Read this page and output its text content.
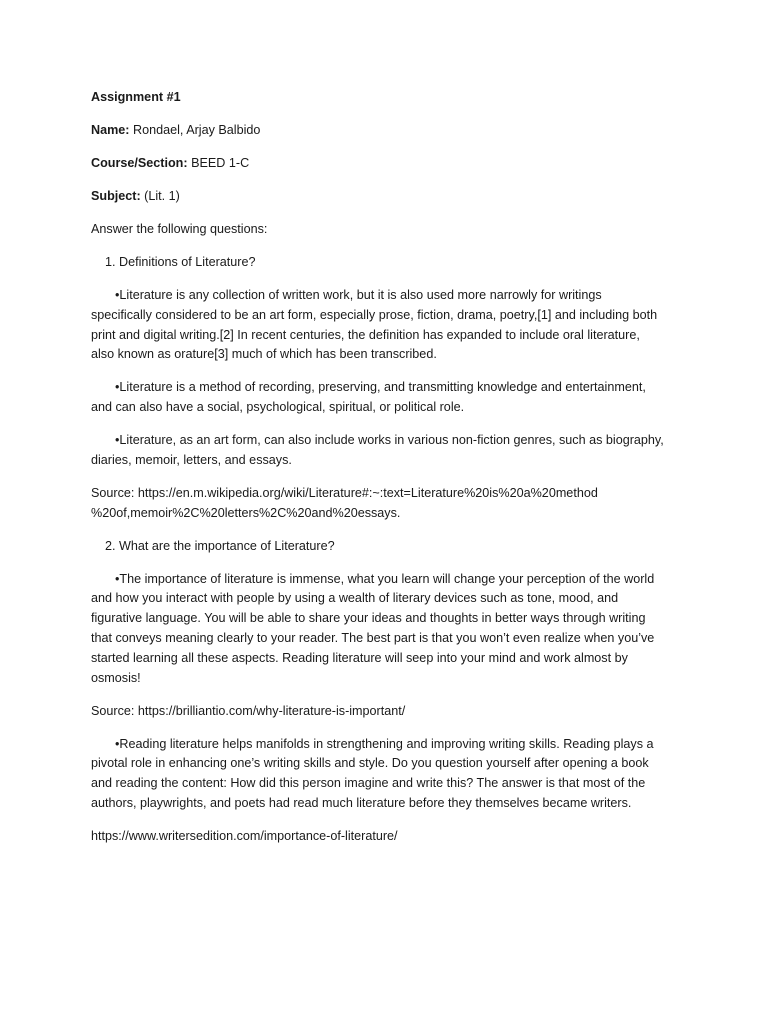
Assignment #1
Name: Rondael, Arjay Balbido
Course/Section: BEED 1-C
Subject: (Lit. 1)
Answer the following questions:
1. Definitions of Literature?
•Literature is any collection of written work, but it is also used more narrowly for writings
specifically considered to be an art form, especially prose, fiction, drama, poetry,[1] and including both
print and digital writing.[2] In recent centuries, the definition has expanded to include oral literature,
also known as orature[3] much of which has been transcribed.
•Literature is a method of recording, preserving, and transmitting knowledge and entertainment,
and can also have a social, psychological, spiritual, or political role.
•Literature, as an art form, can also include works in various non-fiction genres, such as biography,
diaries, memoir, letters, and essays.
Source: https://en.m.wikipedia.org/wiki/Literature#:~:text=Literature%20is%20a%20method
%20of,memoir%2C%20letters%2C%20and%20essays.
2. What are the importance of Literature?
•The importance of literature is immense, what you learn will change your perception of the world
and how you interact with people by using a wealth of literary devices such as tone, mood, and
figurative language. You will be able to share your ideas and thoughts in better ways through writing
that conveys meaning clearly to your reader. The best part is that you won’t even realize when you’ve
started learning all these aspects. Reading literature will seep into your mind and work almost by
osmosis!
Source: https://brilliantio.com/why-literature-is-important/
•Reading literature helps manifolds in strengthening and improving writing skills. Reading plays a
pivotal role in enhancing one’s writing skills and style. Do you question yourself after opening a book
and reading the content: How did this person imagine and write this? The answer is that most of the
authors, playwrights, and poets had read much literature before they themselves became writers.
https://www.writersedition.com/importance-of-literature/
